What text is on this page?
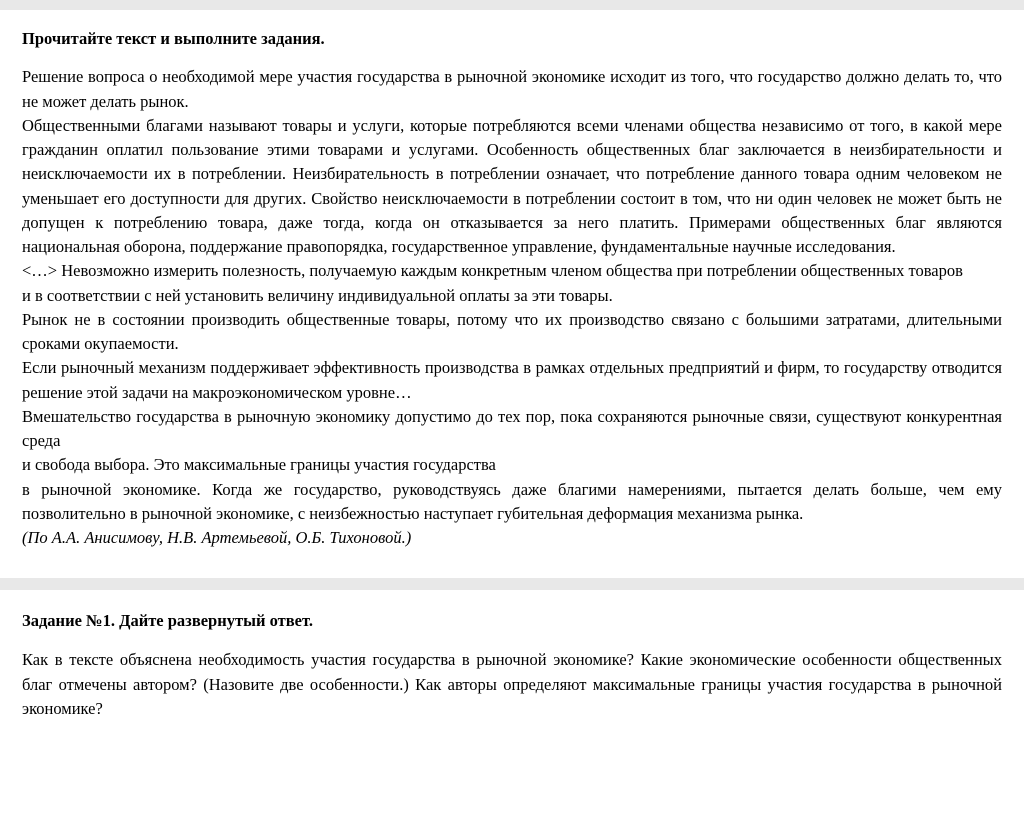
Прочитайте текст и выполните задания.

Решение вопроса о необходимой мере участия государства в рыночной экономике исходит из того, что государство должно делать то, что не может делать рынок.

Общественными благами называют товары и услуги, которые потребляются всеми членами общества независимо от того, в какой мере гражданин оплатил пользование этими товарами и услугами. Особенность общественных благ заключается в неизбирательности и неисключаемости их в потреблении. Неизбирательность в потреблении означает, что потребление данного товара одним человеком не уменьшает его доступности для других. Свойство неисключаемости в потреблении состоит в том, что ни один человек не может быть не допущен к потреблению товара, даже тогда, когда он отказывается за него платить. Примерами общественных благ являются национальная оборона, поддержание правопорядка, государственное управление, фундаментальные научные исследования.

<…> Невозможно измерить полезность, получаемую каждым конкретным членом общества при потреблении общественных товаров

и в соответствии с ней установить величину индивидуальной оплаты за эти товары.

Рынок не в состоянии производить общественные товары, потому что их производство связано с большими затратами, длительными сроками окупаемости.

Если рыночный механизм поддерживает эффективность производства в рамках отдельных предприятий и фирм, то государству отводится решение этой задачи на макроэкономическом уровне…

Вмешательство государства в рыночную экономику допустимо до тех пор, пока сохраняются рыночные связи, существуют конкурентная среда

и свобода выбора. Это максимальные границы участия государства

в рыночной экономике. Когда же государство, руководствуясь даже благими намерениями, пытается делать больше, чем ему позволительно в рыночной экономике, с неизбежностью наступает губительная деформация механизма рынка.

(По А.А. Анисимову, Н.В. Артемьевой, О.Б. Тихоновой.)

Задание №1. Дайте развернутый ответ.

Как в тексте объяснена необходимость участия государства в рыночной экономике? Какие экономические особенности общественных благ отмечены автором? (Назовите две особенности.) Как авторы определяют максимальные границы участия государства в рыночной экономике?
